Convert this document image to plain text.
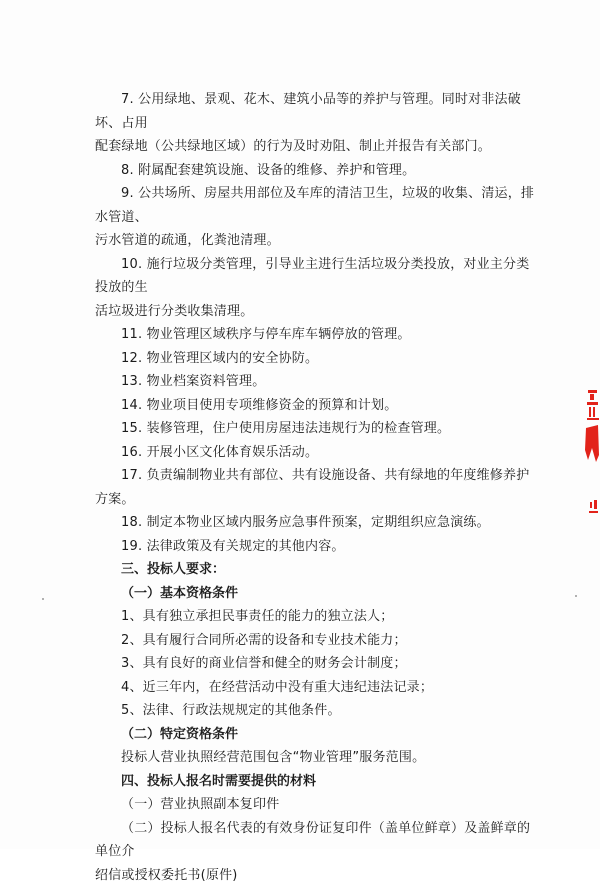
7. 公用绿地、景观、花木、建筑小品等的养护与管理。同时对非法破坏、占用

配套绿地（公共绿地区域）的行为及时劝阻、制止并报告有关部门。

8. 附属配套建筑设施、设备的维修、养护和管理。

9. 公共场所、房屋共用部位及车库的清洁卫生，垃圾的收集、清运，排水管道、

污水管道的疏通，化粪池清理。

10. 施行垃圾分类管理，引导业主进行生活垃圾分类投放，对业主分类投放的生

活垃圾进行分类收集清理。

11. 物业管理区域秩序与停车库车辆停放的管理。

12. 物业管理区域内的安全协防。

13. 物业档案资料管理。

14. 物业项目使用专项维修资金的预算和计划。

15. 装修管理，住户使用房屋违法违规行为的检查管理。

16. 开展小区文化体育娱乐活动。

17. 负责编制物业共有部位、共有设施设备、共有绿地的年度维修养护方案。

18. 制定本物业区域内服务应急事件预案，定期组织应急演练。

19. 法律政策及有关规定的其他内容。

三、投标人要求：

（一）基本资格条件

1、具有独立承担民事责任的能力的独立法人；

2、具有履行合同所必需的设备和专业技术能力；

3、具有良好的商业信誉和健全的财务会计制度；

4、近三年内，在经营活动中没有重大违纪违法记录；

5、法律、行政法规规定的其他条件。

（二）特定资格条件

投标人营业执照经营范围包含“物业管理”服务范围。

四、投标人报名时需要提供的材料

（一）营业执照副本复印件

（二）投标人报名代表的有效身份证复印件（盖单位鲜章）及盖鲜章的单位介

绍信或授权委托书(原件)
